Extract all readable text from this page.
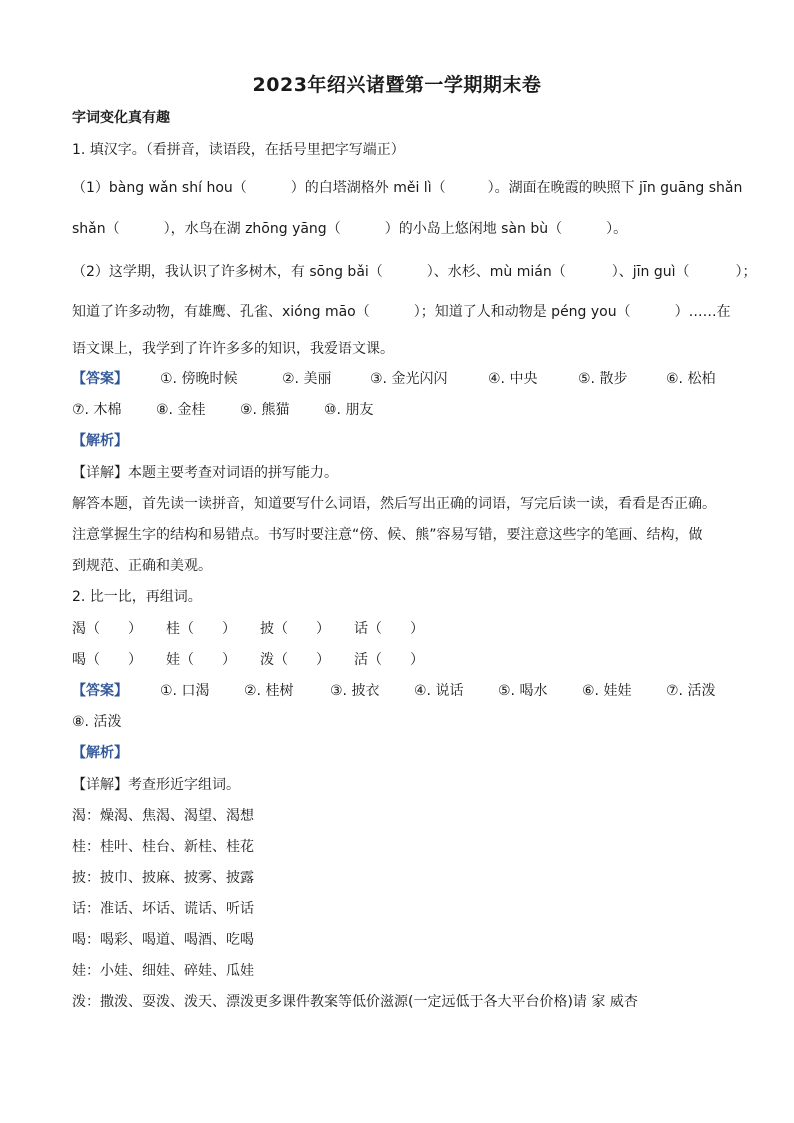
2023年绍兴诸暨第一学期期末卷
字词变化真有趣
1. 填汉字。（看拼音，读语段，在括号里把字写端正）
（1）bàng wǎn shí hou（	）的白塔湖格外 měi lì（	）。湖面在晚霞的映照下 jīn guāng shǎn
shǎn（	），水鸟在湖 zhōng yāng（	）的小岛上悠闲地 sàn bù（	）。
（2）这学期，我认识了许多树木，有 sōng bǎi（	）、水杉、mù mián（	）、jīn guì（	）；
知道了许多动物，有雄鹰、孔雀、xióng māo（	）；知道了人和动物是 péng you（	）……在
语文课上，我学到了许许多多的知识，我爱语文课。
【答案】 ①. 傍晚时候	②. 美丽	③. 金光闪闪	④. 中央	⑤. 散步	⑥. 松柏
⑦. 木棉 ⑧. 金桂 ⑨. 熊猫 ⑩. 朋友
【解析】
【详解】本题主要考查对词语的拼写能力。
解答本题，首先读一读拼音，知道要写什么词语，然后写出正确的词语，写完后读一读，看看是否正确。
注意掌握生字的结构和易错点。书写时要注意“傍、候、熊”容易写错，要注意这些字的笔画、结构，做
到规范、正确和美观。
2. 比一比，再组词。
渴（ ） 桂（ ） 披（ ） 话（ ）
喝（ ） 娃（ ） 泼（ ） 活（ ）
【答案】 ①. 口渴 ②. 桂树	③. 披衣 ④. 说话 ⑤. 喝水 ⑥. 娃娃 ⑦. 活泼
⑧. 活泼
【解析】
【详解】考查形近字组词。
渴：燥渴、焦渴、渴望、渴想
桂：桂叶、桂台、新桂、桂花
披：披巾、披麻、披雾、披露
话：准话、坏话、谎话、听话
喝：喝彩、喝道、喝酒、吃喝
娃：小娃、细娃、碎娃、瓜娃
泼：撒泼、耍泼、泼天、漂泼更多课件教案等低价滋源(一定远低于各大平台价格)请 家 威杏
